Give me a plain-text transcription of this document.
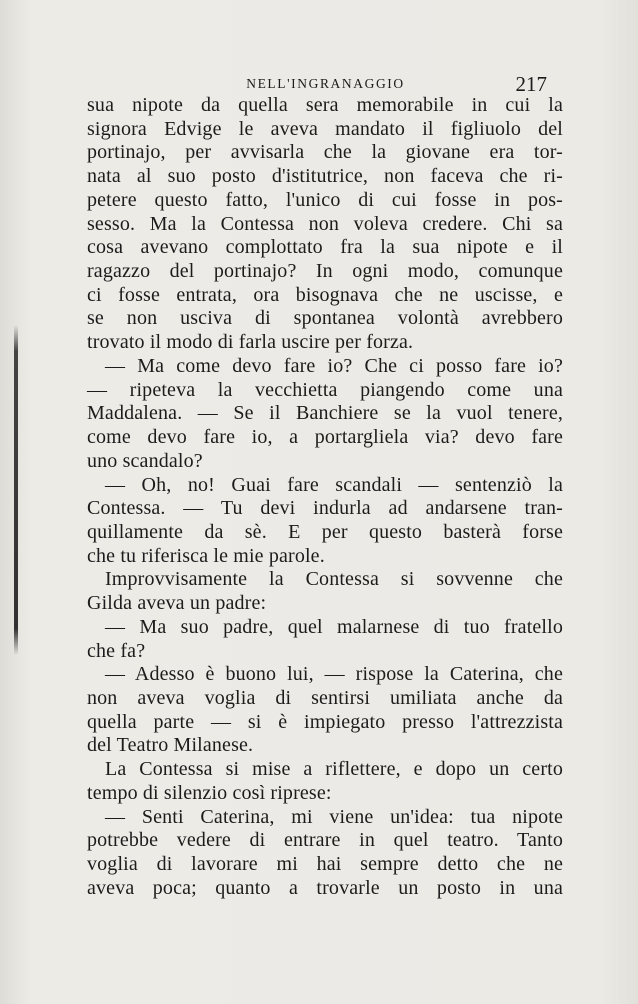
NELL'INGRANAGGIO	217
sua nipote da quella sera memorabile in cui la
signora Edvige le aveva mandato il figliuolo del
portinajo, per avvisarla che la giovane era tor-
nata al suo posto d'istitutrice, non faceva che ri-
petere questo fatto, l'unico di cui fosse in pos-
sesso. Ma la Contessa non voleva credere. Chi sa
cosa avevano complottato fra la sua nipote e il
ragazzo del portinajo? In ogni modo, comunque
ci fosse entrata, ora bisognava che ne uscisse, e
se non usciva di spontanea volontà avrebbero
trovato il modo di farla uscire per forza.
— Ma come devo fare io? Che ci posso fare io?
— ripeteva la vecchietta piangendo come una
Maddalena. — Se il Banchiere se la vuol tenere,
come devo fare io, a portargliela via? devo fare
uno scandalo?
— Oh, no! Guai fare scandali — sentenziò la
Contessa. — Tu devi indurla ad andarsene tran-
quillamente da sè. E per questo basterà forse
che tu riferisca le mie parole.
Improvvisamente la Contessa si sovvenne che
Gilda aveva un padre:
— Ma suo padre, quel malarnese di tuo fratello
che fa?
— Adesso è buono lui, — rispose la Caterina, che
non aveva voglia di sentirsi umiliata anche da
quella parte — si è impiegato presso l'attrezzista
del Teatro Milanese.
La Contessa si mise a riflettere, e dopo un certo
tempo di silenzio così riprese:
— Senti Caterina, mi viene un'idea: tua nipote
potrebbe vedere di entrare in quel teatro. Tanto
voglia di lavorare mi hai sempre detto che ne
aveva poca; quanto a trovarle un posto in una
